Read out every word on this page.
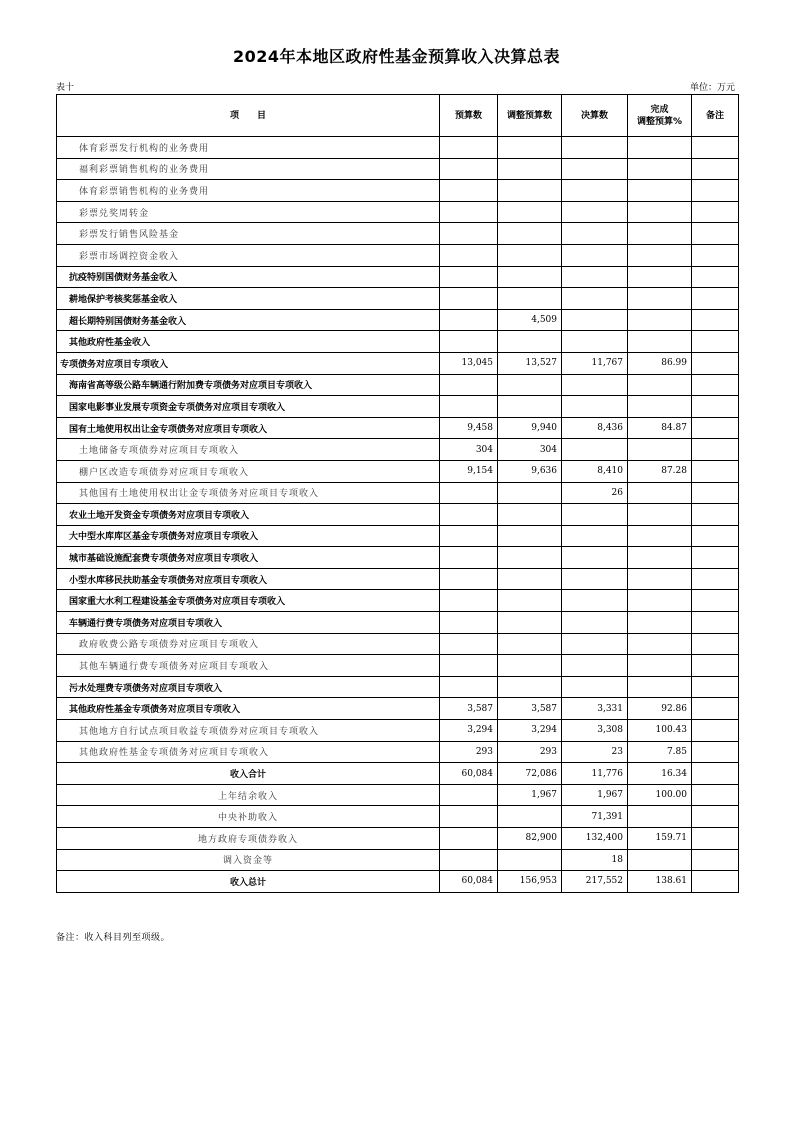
2024年本地区政府性基金预算收入决算总表
表十	单位：万元
项　　目	预算数	调整预算数	决算数	完成
调整预算%	备注
体育彩票发行机构的业务费用					
福利彩票销售机构的业务费用					
体育彩票销售机构的业务费用					
彩票兑奖周转金					
彩票发行销售风险基金					
彩票市场调控资金收入					
抗疫特别国债财务基金收入					
耕地保护考核奖惩基金收入					
超长期特别国债财务基金收入		4,509			
其他政府性基金收入					
专项债务对应项目专项收入	13,045	13,527	11,767	86.99	
海南省高等级公路车辆通行附加费专项债务对应项目专项收入					
国家电影事业发展专项资金专项债务对应项目专项收入					
国有土地使用权出让金专项债务对应项目专项收入	9,458	9,940	8,436	84.87	
土地储备专项债券对应项目专项收入	304	304			
棚户区改造专项债券对应项目专项收入	9,154	9,636	8,410	87.28	
其他国有土地使用权出让金专项债务对应项目专项收入			26		
农业土地开发资金专项债务对应项目专项收入					
大中型水库库区基金专项债务对应项目专项收入					
城市基础设施配套费专项债务对应项目专项收入					
小型水库移民扶助基金专项债务对应项目专项收入					
国家重大水利工程建设基金专项债务对应项目专项收入					
车辆通行费专项债务对应项目专项收入					
政府收费公路专项债券对应项目专项收入					
其他车辆通行费专项债务对应项目专项收入					
污水处理费专项债务对应项目专项收入					
其他政府性基金专项债务对应项目专项收入	3,587	3,587	3,331	92.86	
其他地方自行试点项目收益专项债券对应项目专项收入	3,294	3,294	3,308	100.43	
其他政府性基金专项债务对应项目专项收入	293	293	23	7.85	
收入合计	60,084	72,086	11,776	16.34	
上年结余收入		1,967	1,967	100.00	
中央补助收入			71,391		
地方政府专项债券收入		82,900	132,400	159.71	
调入资金等			18		
收入总计	60,084	156,953	217,552	138.61	
备注：收入科目列至项级。
